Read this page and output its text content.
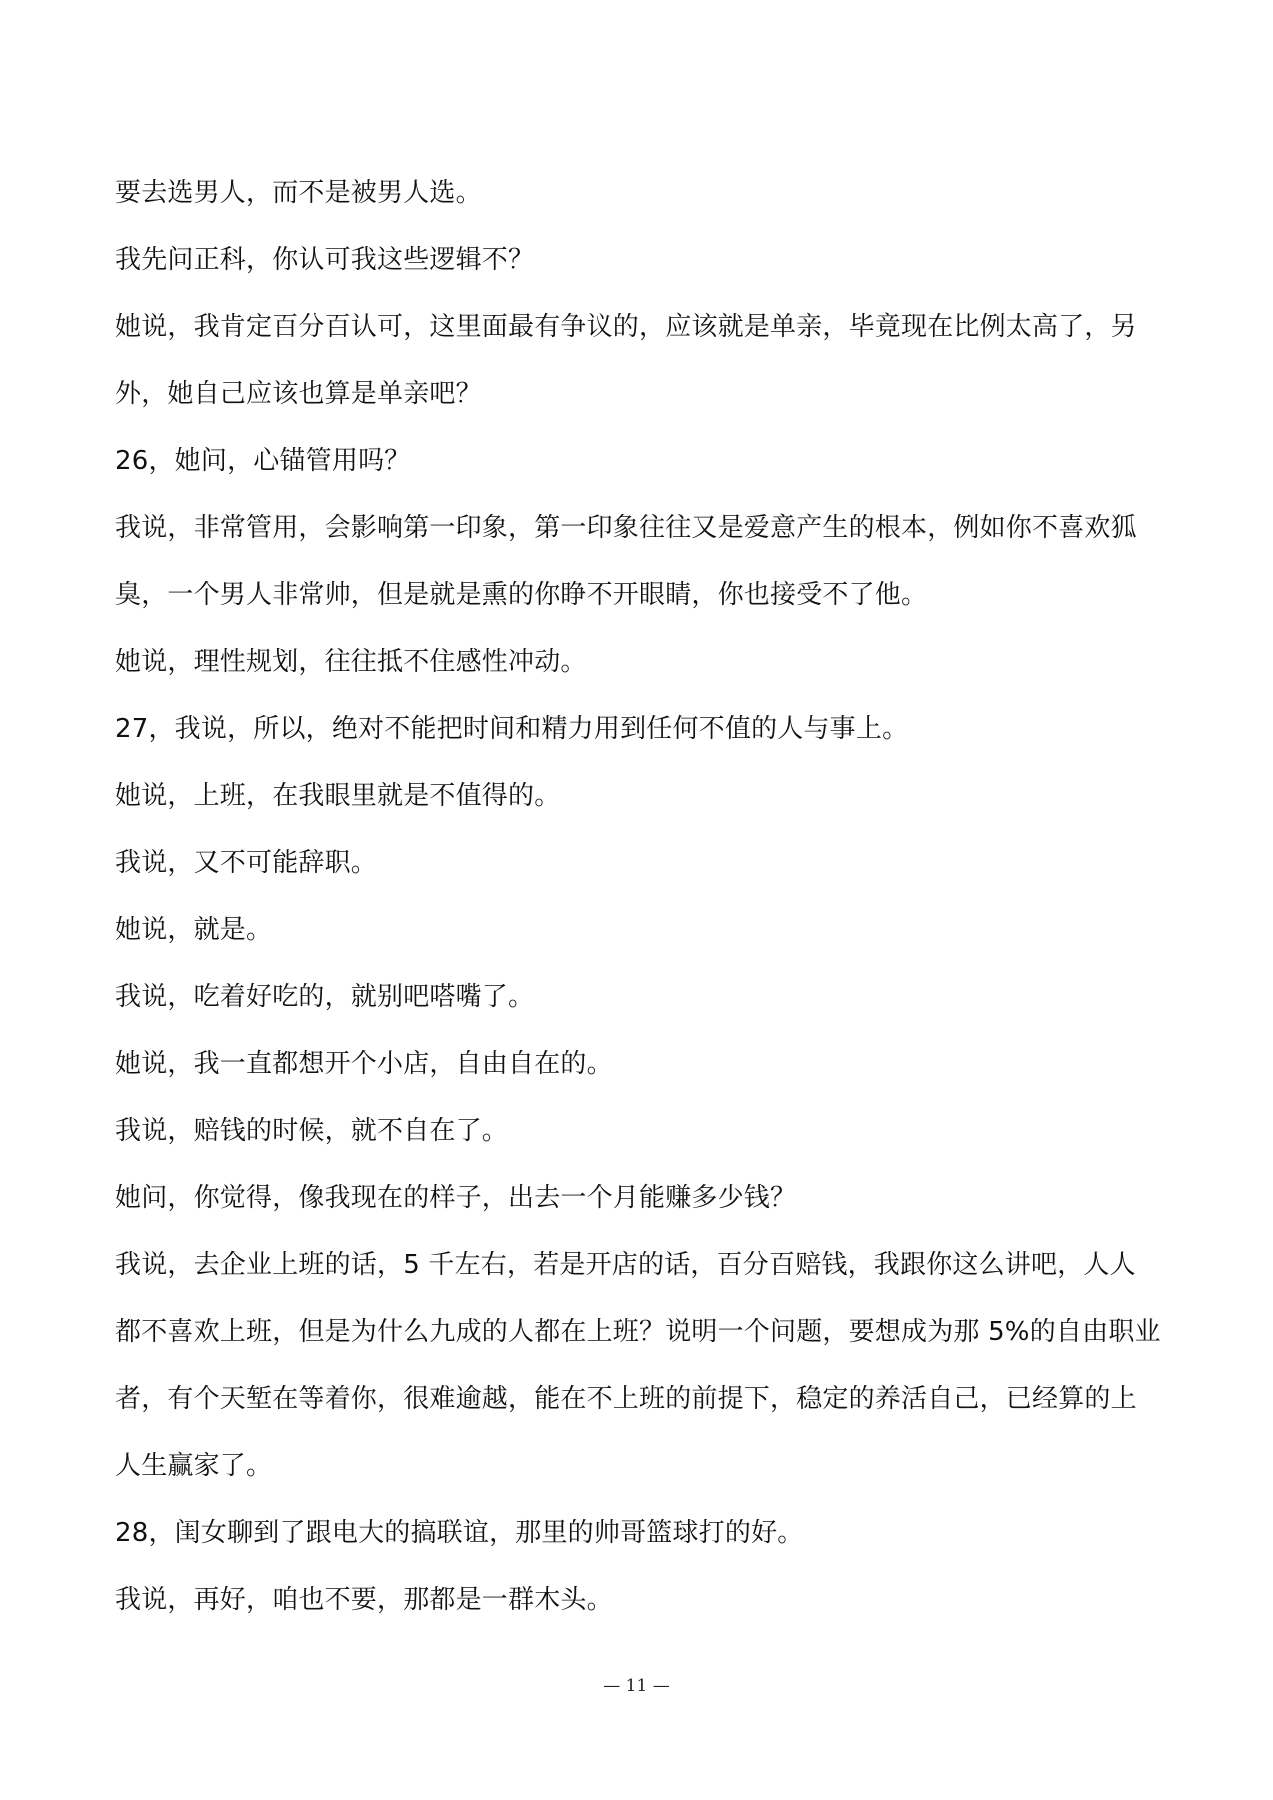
要去选男人，而不是被男人选。
我先问正科，你认可我这些逻辑不？
她说，我肯定百分百认可，这里面最有争议的，应该就是单亲，毕竟现在比例太高了，另
外，她自己应该也算是单亲吧？
26，她问，心锚管用吗？
我说，非常管用，会影响第一印象，第一印象往往又是爱意产生的根本，例如你不喜欢狐
臭，一个男人非常帅，但是就是熏的你睁不开眼睛，你也接受不了他。
她说，理性规划，往往抵不住感性冲动。
27，我说，所以，绝对不能把时间和精力用到任何不值的人与事上。
她说，上班，在我眼里就是不值得的。
我说，又不可能辞职。
她说，就是。
我说，吃着好吃的，就别吧嗒嘴了。
她说，我一直都想开个小店，自由自在的。
我说，赔钱的时候，就不自在了。
她问，你觉得，像我现在的样子，出去一个月能赚多少钱？
我说，去企业上班的话，5 千左右，若是开店的话，百分百赔钱，我跟你这么讲吧，人人
都不喜欢上班，但是为什么九成的人都在上班？说明一个问题，要想成为那 5%的自由职业
者，有个天堑在等着你，很难逾越，能在不上班的前提下，稳定的养活自己，已经算的上
人生赢家了。
28，闺女聊到了跟电大的搞联谊，那里的帅哥篮球打的好。
我说，再好，咱也不要，那都是一群木头。
— 11 —
